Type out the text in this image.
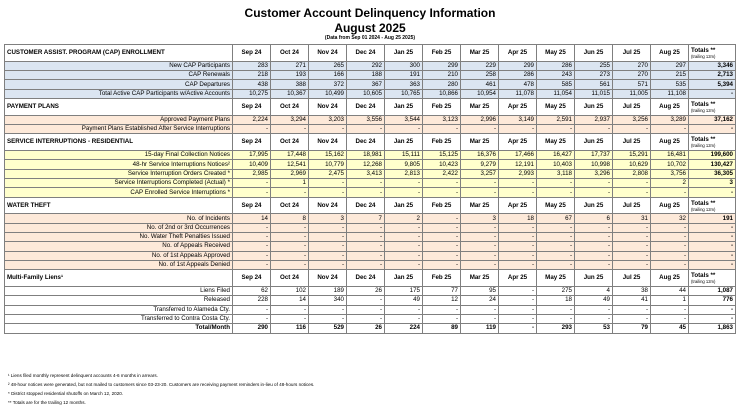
Customer Account Delinquency Information
August 2025
(Data from Sep 01 2024 - Aug 25 2025)
CUSTOMER ASSIST. PROGRAM (CAP) ENROLLMENT	Sep 24	Oct 24	Nov 24	Dec 24	Jan 25	Feb 25	Mar 25	Apr 25	May 25	Jun 25	Jul 25	Aug 25	Totals **
(trailing 12m)

New CAP Participants	283	271	265	292	300	299	229	299	286	255	270	297	3,346
CAP Renewals	218	193	166	188	191	210	258	286	243	273	270	215	2,713
CAP Departures	438	388	372	367	363	280	461	478	585	561	571	535	5,394
Total Active CAP Participants w/Active Accounts	10,275	10,367	10,499	10,605	10,765	10,866	10,954	11,078	11,054	11,015	11,005	11,108	-
PAYMENT PLANS	Sep 24	Oct 24	Nov 24	Dec 24	Jan 25	Feb 25	Mar 25	Apr 25	May 25	Jun 25	Jul 25	Aug 25	Totals **
(trailing 12m)

Approved Payment Plans	2,224	3,294	3,203	3,556	3,544	3,123	2,996	3,149	2,591	2,937	3,256	3,289	37,162
Payment Plans Established After Service Interruptions	-	-	-	-	-	-	-	-	-	-	-	-	-
SERVICE INTERRUPTIONS - RESIDENTIAL	Sep 24	Oct 24	Nov 24	Dec 24	Jan 25	Feb 25	Mar 25	Apr 25	May 25	Jun 25	Jul 25	Aug 25	Totals **
(trailing 12m)

15-day Final Collection Notices	17,995	17,448	15,162	18,981	15,111	15,125	16,376	17,466	16,427	17,737	15,291	16,481	199,600
48-hr Service Interruptions Notices²	10,409	12,541	10,779	12,268	9,805	10,423	9,279	12,191	10,403	10,998	10,629	10,702	130,427
Service Interruption Orders Created *	2,985	2,969	2,475	3,413	2,813	2,422	3,257	2,993	3,118	3,296	2,808	3,756	36,305
Service Interruptions Completed (Actual) *	-	1	-	-	-	-	-	-	-	-	-	2	3
CAP Enrolled Service Interruptions *	-	-	-	-	-	-	-	-	-	-	-	-	-
WATER THEFT	Sep 24	Oct 24	Nov 24	Dec 24	Jan 25	Feb 25	Mar 25	Apr 25	May 25	Jun 25	Jul 25	Aug 25	Totals **
(trailing 12m)

No. of Incidents	14	8	3	7	2	-	3	18	67	6	31	32	191
No. of 2nd or 3rd Occurrences	-	-	-	-	-	-	-	-	-	-	-	-	-
No. Water Theft Penalties Issued	-	-	-	-	-	-	-	-	-	-	-	-	-
No. of Appeals Received	-	-	-	-	-	-	-	-	-	-	-	-	-
No. of 1st Appeals Approved	-	-	-	-	-	-	-	-	-	-	-	-	-
No. of 1st Appeals Denied	-	-	-	-	-	-	-	-	-	-	-	-	-
Multi-Family Liens¹	Sep 24	Oct 24	Nov 24	Dec 24	Jan 25	Feb 25	Mar 25	Apr 25	May 25	Jun 25	Jul 25	Aug 25	Totals **
(trailing 12m)

Liens Filed	62	102	189	26	175	77	95	-	275	4	38	44	1,087
Released	228	14	340	-	49	12	24	-	18	49	41	1	776
Transferred to Alameda Cty.	-	-	-	-	-	-	-	-	-	-	-	-	-
Transferred to Contra Costa Cty.	-	-	-	-	-	-	-	-	-	-	-	-	-
Total/Month	290	116	529	26	224	89	119	-	293	53	79	45	1,863
¹ Liens filed monthly represent delinquent accounts 4-6 months in arrears.
² 48-hour notices were generated, but not mailed to customers since 03-23-20. Customers are receiving payment reminders in-lieu of 48-hours notices.
* District stopped residential shutoffs on March 12, 2020.
** Totals are for the trailing 12 months.
